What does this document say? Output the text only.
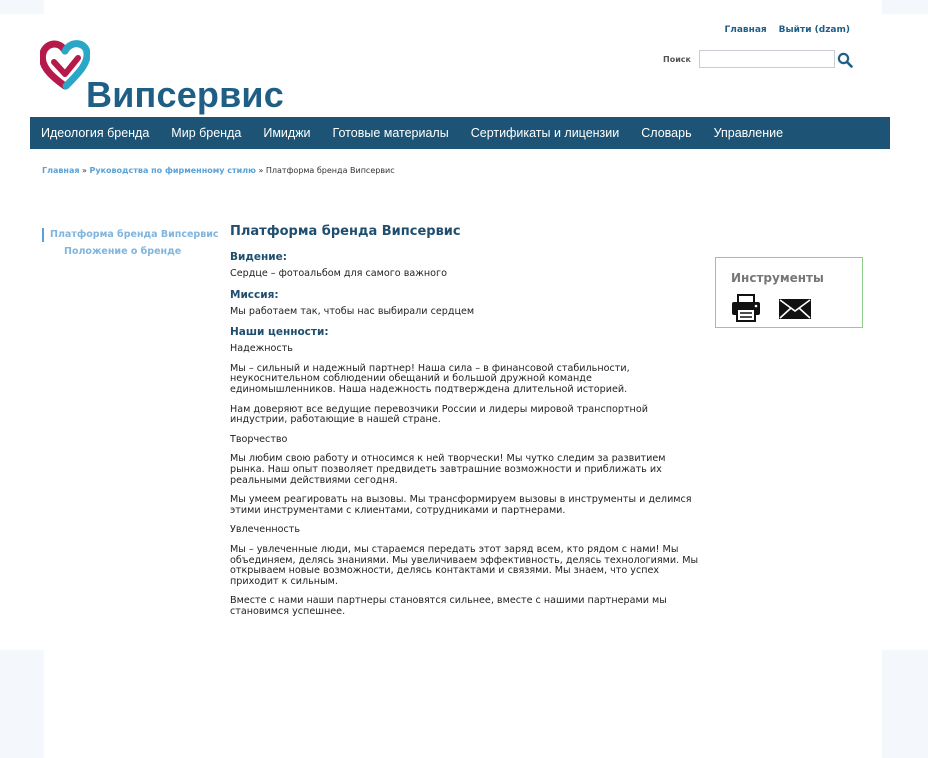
Випсервис
Главная Выйти (dzam)
Поиск
Идеология бренда	Мир бренда	Имиджи	Готовые материалы	Сертификаты и лицензии	Словарь	Управление
Главная » Руководства по фирменному стилю » Платформа бренда Випсервис
Платформа бренда Випсервис
Положение о бренде
Платформа бренда Випсервис
Видение:

Сердце – фотоальбом для самого важного

Миссия:

Мы работаем так, чтобы нас выбирали сердцем

Наши ценности:

Надежность

Мы – сильный и надежный партнер! Наша сила – в финансовой стабильности, неукоснительном соблюдении обещаний и большой дружной команде единомышленников. Наша надежность подтверждена длительной историей.

Нам доверяют все ведущие перевозчики России и лидеры мировой транспортной индустрии, работающие в нашей стране.

Творчество

Мы любим свою работу и относимся к ней творчески! Мы чутко следим за развитием рынка. Наш опыт позволяет предвидеть завтрашние возможности и приближать их реальными действиями сегодня.

Мы умеем реагировать на вызовы. Мы трансформируем вызовы в инструменты и делимся этими инструментами с клиентами, сотрудниками и партнерами.

Увлеченность

Мы – увлеченные люди, мы стараемся передать этот заряд всем, кто рядом с нами! Мы объединяем, делясь знаниями. Мы увеличиваем эффективность, делясь технологиями. Мы открываем новые возможности, делясь контактами и связями. Мы знаем, что успех приходит к сильным.

Вместе с нами наши партнеры становятся сильнее, вместе с нашими партнерами мы становимся успешнее.

Инструменты
